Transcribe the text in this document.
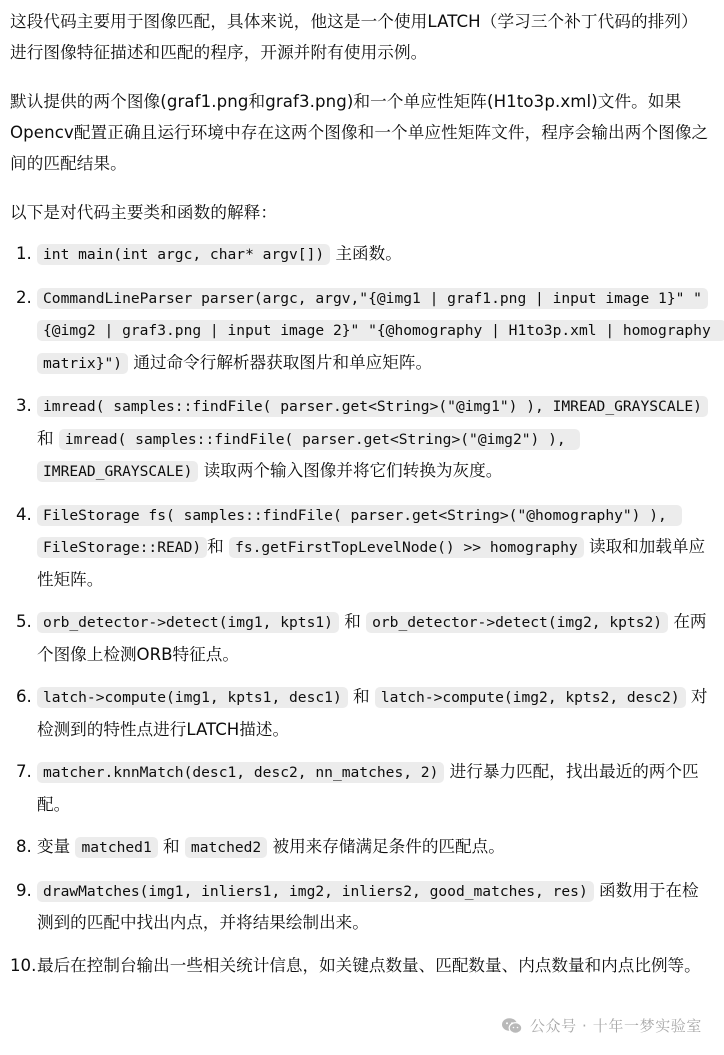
这段代码主要用于图像匹配，具体来说，他这是一个使用LATCH（学习三个补丁代码的排列）进行图像特征描述和匹配的程序，开源并附有使用示例。

默认提供的两个图像(graf1.png和graf3.png)和一个单应性矩阵(H1to3p.xml)文件。如果Opencv配置正确且运行环境中存在这两个图像和一个单应性矩阵文件，程序会输出两个图像之间的匹配结果。

以下是对代码主要类和函数的解释：

1. int main(int argc, char* argv[]) 主函数。
2. CommandLineParser parser(argc, argv,"{@img1 | graf1.png | input image 1}" "{@img2 | graf3.png | input image 2}" "{@homography | H1to3p.xml | homography matrix}") 通过命令行解析器获取图片和单应矩阵。
3. imread( samples::findFile( parser.get<String>("@img1") ), IMREAD_GRAYSCALE) 和 imread( samples::findFile( parser.get<String>("@img2") ), IMREAD_GRAYSCALE) 读取两个输入图像并将它们转换为灰度。
4. FileStorage fs( samples::findFile( parser.get<String>("@homography") ), FileStorage::READ) 和 fs.getFirstTopLevelNode() >> homography 读取和加载单应性矩阵。
5. orb_detector->detect(img1, kpts1) 和 orb_detector->detect(img2, kpts2) 在两个图像上检测ORB特征点。
6. latch->compute(img1, kpts1, desc1) 和 latch->compute(img2, kpts2, desc2) 对检测到的特性点进行LATCH描述。
7. matcher.knnMatch(desc1, desc2, nn_matches, 2) 进行暴力匹配，找出最近的两个匹配。
8. 变量 matched1 和 matched2 被用来存储满足条件的匹配点。
9. drawMatches(img1, inliers1, img2, inliers2, good_matches, res) 函数用于在检测到的匹配中找出内点，并将结果绘制出来。
10. 最后在控制台输出一些相关统计信息，如关键点数量、匹配数量、内点数量和内点比例等。
公众号 · 十年一梦实验室
